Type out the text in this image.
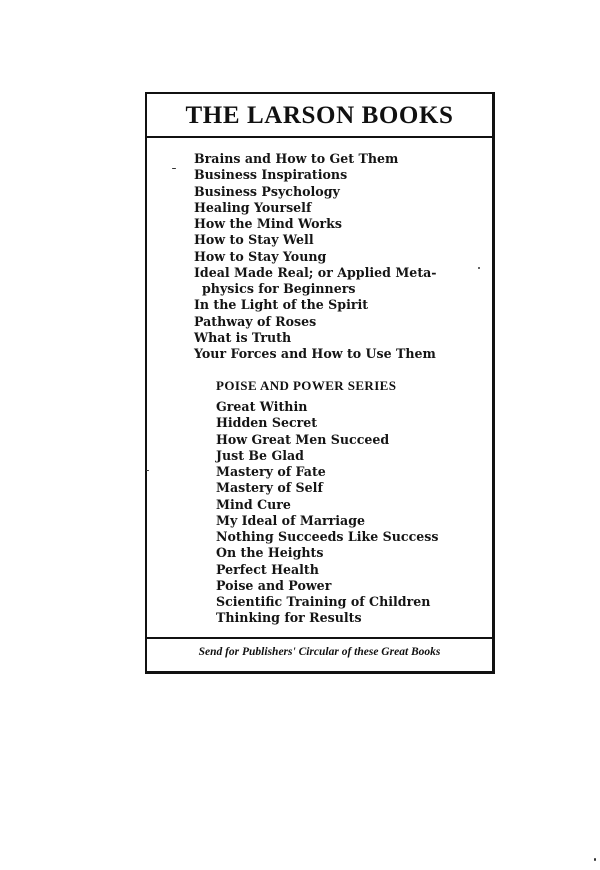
THE LARSON BOOKS
Brains and How to Get Them
Business Inspirations
Business Psychology
Healing Yourself
How the Mind Works
How to Stay Well
How to Stay Young
Ideal Made Real; or Applied Meta-
physics for Beginners
In the Light of the Spirit
Pathway of Roses
What is Truth
Your Forces and How to Use Them
POISE AND POWER SERIES
Great Within
Hidden Secret
How Great Men Succeed
Just Be Glad
Mastery of Fate
Mastery of Self
Mind Cure
My Ideal of Marriage
Nothing Succeeds Like Success
On the Heights
Perfect Health
Poise and Power
Scientific Training of Children
Thinking for Results
Send for Publishers' Circular of these Great Books
